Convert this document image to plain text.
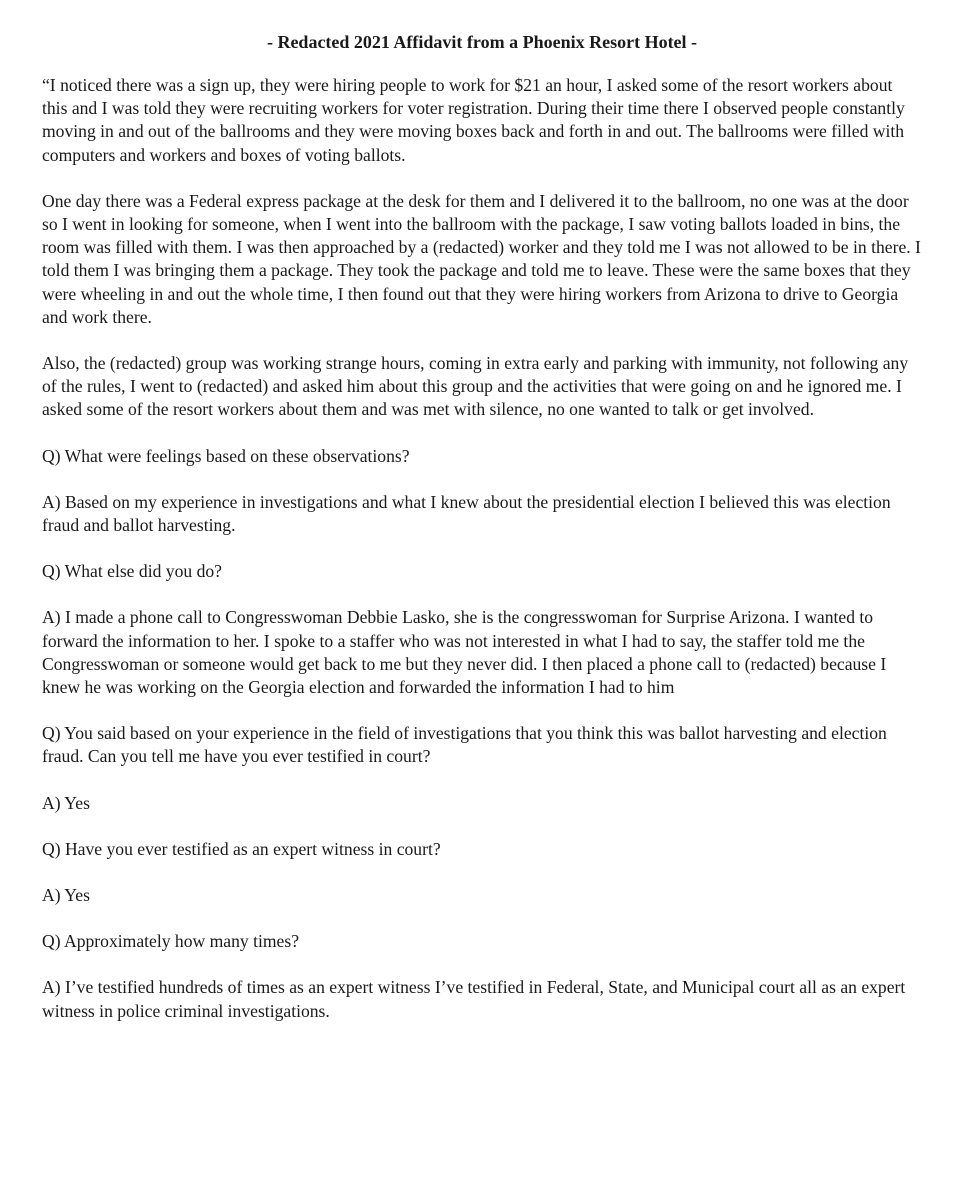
- Redacted 2021 Affidavit from a Phoenix Resort Hotel -

“I noticed there was a sign up, they were hiring people to work for $21 an hour, I asked some of the resort workers about this and I was told they were recruiting workers for voter registration. During their time there I observed people constantly moving in and out of the ballrooms and they were moving boxes back and forth in and out. The ballrooms were filled with computers and workers and boxes of voting ballots.

One day there was a Federal express package at the desk for them and I delivered it to the ballroom, no one was at the door so I went in looking for someone, when I went into the ballroom with the package, I saw voting ballots loaded in bins, the room was filled with them. I was then approached by a (redacted) worker and they told me I was not allowed to be in there. I told them I was bringing them a package. They took the package and told me to leave. These were the same boxes that they were wheeling in and out the whole time, I then found out that they were hiring workers from Arizona to drive to Georgia and work there.

Also, the (redacted) group was working strange hours, coming in extra early and parking with immunity, not following any of the rules, I went to (redacted) and asked him about this group and the activities that were going on and he ignored me. I asked some of the resort workers about them and was met with silence, no one wanted to talk or get involved.

Q) What were feelings based on these observations?

A) Based on my experience in investigations and what I knew about the presidential election I believed this was election fraud and ballot harvesting.

Q) What else did you do?

A) I made a phone call to Congresswoman Debbie Lasko, she is the congresswoman for Surprise Arizona. I wanted to forward the information to her. I spoke to a staffer who was not interested in what I had to say, the staffer told me the Congresswoman or someone would get back to me but they never did. I then placed a phone call to (redacted) because I knew he was working on the Georgia election and forwarded the information I had to him

Q) You said based on your experience in the field of investigations that you think this was ballot harvesting and election fraud. Can you tell me have you ever testified in court?

A) Yes

Q) Have you ever testified as an expert witness in court?

A) Yes

Q) Approximately how many times?

A) I’ve testified hundreds of times as an expert witness I’ve testified in Federal, State, and Municipal court all as an expert witness in police criminal investigations.
